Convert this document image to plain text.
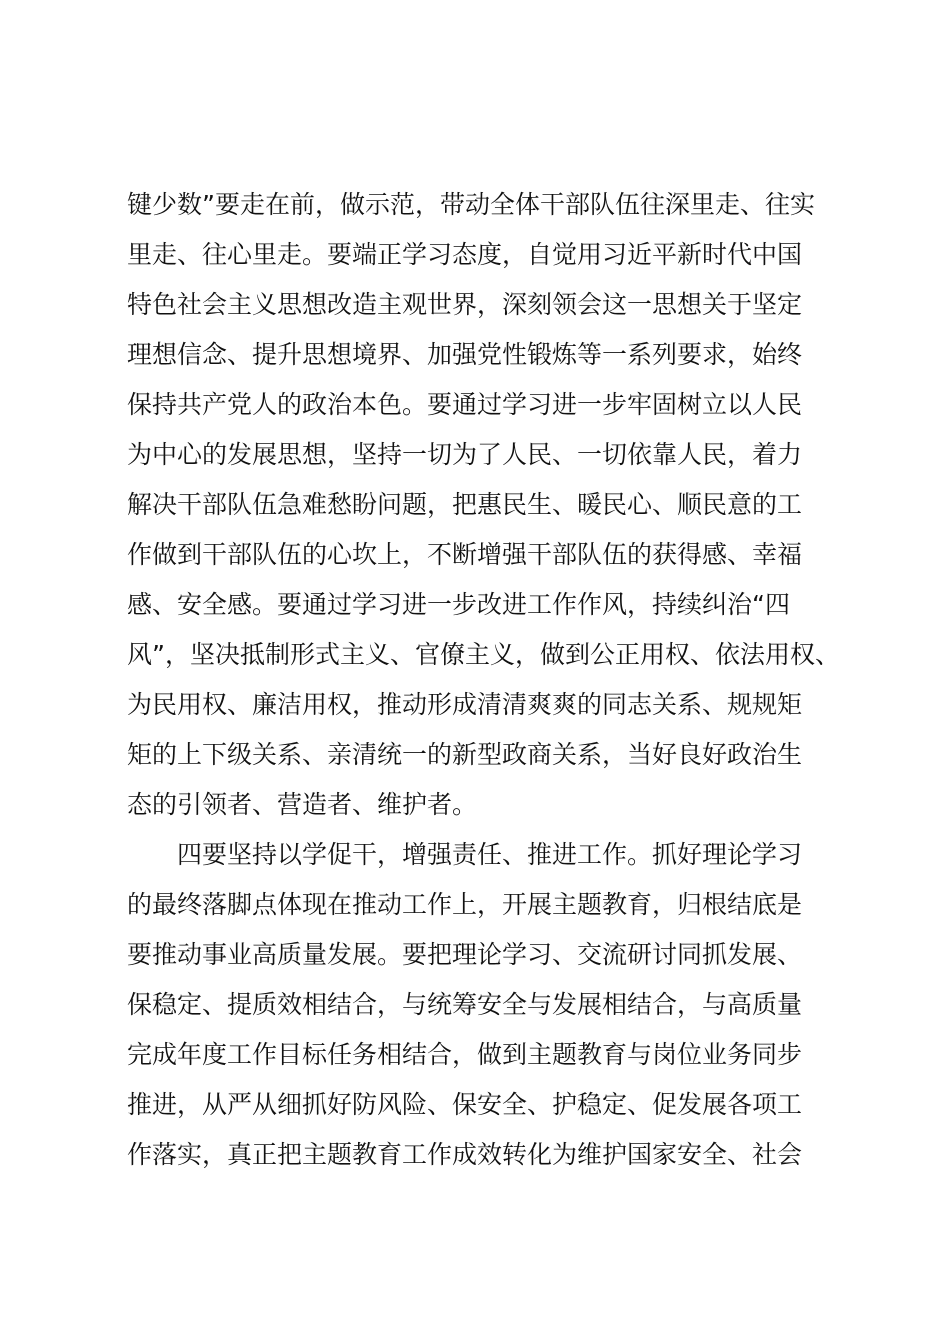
键少数”要走在前，做示范，带动全体干部队伍往深里走、往实
里走、往心里走。要端正学习态度，自觉用习近平新时代中国
特色社会主义思想改造主观世界，深刻领会这一思想关于坚定
理想信念、提升思想境界、加强党性锻炼等一系列要求，始终
保持共产党人的政治本色。要通过学习进一步牢固树立以人民
为中心的发展思想，坚持一切为了人民、一切依靠人民，着力
解决干部队伍急难愁盼问题，把惠民生、暖民心、顺民意的工
作做到干部队伍的心坎上，不断增强干部队伍的获得感、幸福
感、安全感。要通过学习进一步改进工作作风，持续纠治“四
风”，坚决抵制形式主义、官僚主义，做到公正用权、依法用权、
为民用权、廉洁用权，推动形成清清爽爽的同志关系、规规矩
矩的上下级关系、亲清统一的新型政商关系，当好良好政治生
态的引领者、营造者、维护者。
四要坚持以学促干，增强责任、推进工作。抓好理论学习
的最终落脚点体现在推动工作上，开展主题教育，归根结底是
要推动事业高质量发展。要把理论学习、交流研讨同抓发展、
保稳定、提质效相结合，与统筹安全与发展相结合，与高质量
完成年度工作目标任务相结合，做到主题教育与岗位业务同步
推进，从严从细抓好防风险、保安全、护稳定、促发展各项工
作落实，真正把主题教育工作成效转化为维护国家安全、社会
